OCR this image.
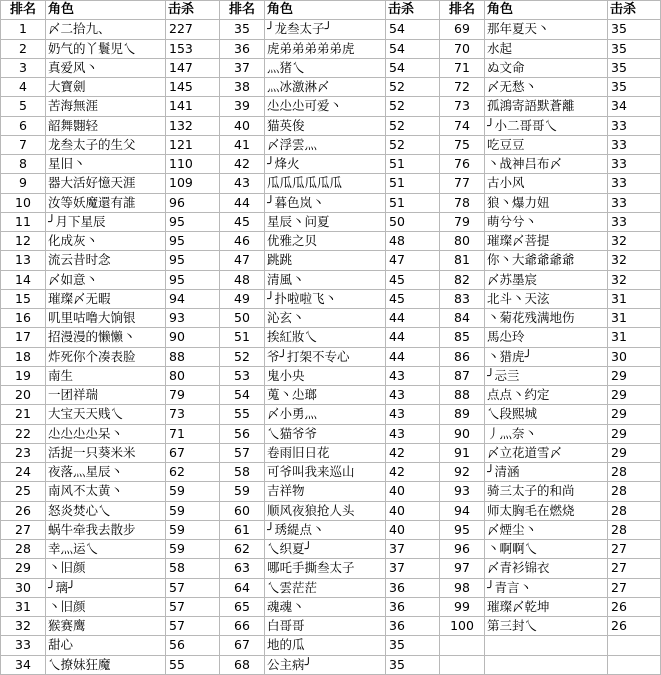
排名	角色	击杀	排名	角色	击杀	排名	角色	击杀
1	〆二拾九、	227	35	╯龙叁太子╯	54	69	那年夏天丶	35
2	奶气的丫鬟児乀	153	36	虎弟弟弟弟弟虎	54	70	水起	35
3	真爱风丶	147	37	灬猪乀	54	71	ぬ文命	35
4	大寶劍	145	38	灬冰激淋〆	52	72	〆无愁丶	35
5	苦海無涯	141	39	尐尐尐可爱丶	52	73	孤鴻寄語默蒼離	34
6	韶舞翾轻	132	40	猫英俊	52	74	╯小二哥哥乀	33
7	龙叁太子的生父	121	41	〆浮雲灬	52	75	吃豆豆	33
8	星旧丶	110	42	╯烽火	51	76	丶战神吕布〆	33
9	器大活好憶天涯	109	43	瓜瓜瓜瓜瓜瓜	51	77	古小风	33
10	汝等妖魔還有誰	96	44	╯暮色岚丶	51	78	狼丶爆力妞	33
11	╯月下星辰	95	45	星辰丶问夏	50	79	萌兮兮丶	33
12	化成灰丶	95	46	优雅之贝	48	80	璀璨〆菩提	32
13	流云昔时念	95	47	跳跳	47	81	你丶大爺爺爺爺	32
14	〆如意丶	95	48	清風丶	45	82	〆苏墨宸	32
15	璀璨〆无暇	94	49	╯扑啦啦飞丶	45	83	北斗丶天泫	31
16	叽里咕噜大饷银	93	50	沁玄丶	44	84	丶菊花残满地伤	31
17	招漫漫的懒懒丶	90	51	挨紅妝乀	44	85	馬尐玲	31
18	炸死你个凑表脸	88	52	爷╯打架不专心	44	86	丶猎虎╯	30
19	南生	80	53	鬼小央	43	87	╯忈亖	29
20	一团祥瑞	79	54	蒐丶尐瑯	43	88	点点丶约定	29
21	大宝天天贱乀	73	55	〆小勇灬	43	89	乀段熙城	29
22	尐尐尐尐呆丶	71	56	乀猫爷爷	43	90	丿灬奈丶	29
23	活捉一只葵米米	67	57	卷雨旧日花	42	91	〆立花道雪〆	29
24	夜落灬星辰丶	62	58	可爷叫我来巡山	42	92	╯清涵	28
25	南风不太黄丶	59	59	吉祥物	40	93	骑三太子的和尚	28
26	怒炎焚心乀	59	60	顺风夜狼抢人头	40	94	师太胸毛在燃烧	28
27	蜗牛牵我去散步	59	61	╯琇緹点丶	40	95	〆煙尘丶	28
28	幸灬运乀	59	62	乀织夏╯	37	96	丶啊啊乀	27
29	丶旧颜	58	63	哪吒手撕叁太子	37	97	〆青衫锦衣	27
30	╯璃╯	57	64	乀雲茫茫	36	98	╯青言丶	27
31	丶旧颜	57	65	魂魂丶	36	99	璀璨〆乾坤	26
32	猴赛鹰	57	66	白哥哥	36	100	第三封乀	26
33	甜心	56	67	地的瓜	35			
34	乀撩妹狂魔	55	68	公主病╯	35			
